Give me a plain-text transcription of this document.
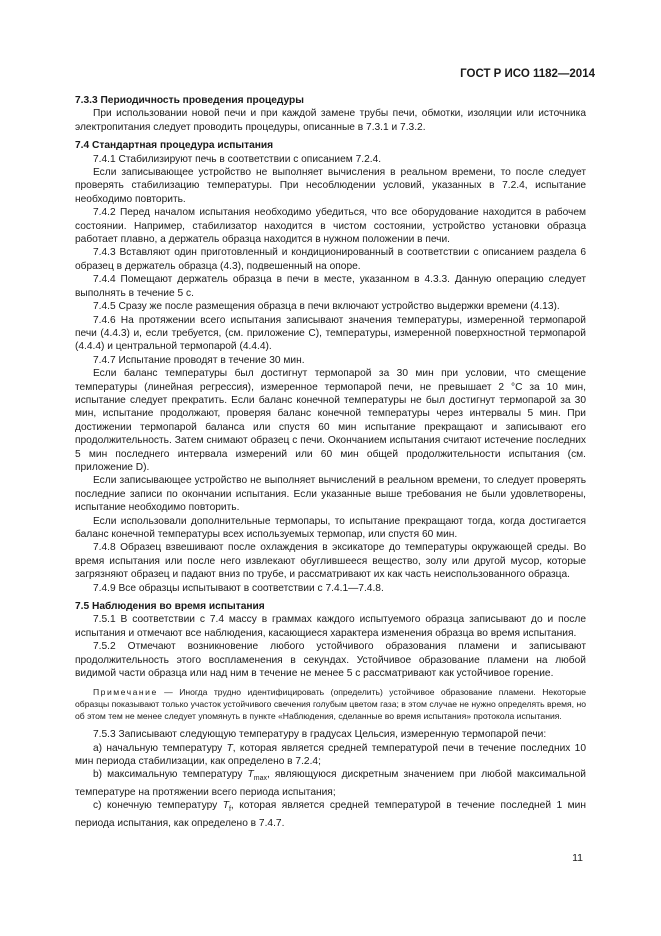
ГОСТ Р ИСО 1182—2014

7.3.3 Периодичность проведения процедуры

При использовании новой печи и при каждой замене трубы печи, обмотки, изоляции или источника электропитания следует проводить процедуры, описанные в 7.3.1 и 7.3.2.

7.4 Стандартная процедура испытания

7.4.1 Стабилизируют печь в соответствии с описанием 7.2.4.

Если записывающее устройство не выполняет вычисления в реальном времени, то после следует проверять стабилизацию температуры. При несоблюдении условий, указанных в 7.2.4, испытание необходимо повторить.

7.4.2 Перед началом испытания необходимо убедиться, что все оборудование находится в рабочем состоянии. Например, стабилизатор находится в чистом состоянии, устройство установки образца работает плавно, а держатель образца находится в нужном положении в печи.

7.4.3 Вставляют один приготовленный и кондиционированный в соответствии с описанием раздела 6 образец в держатель образца (4.3), подвешенный на опоре.

7.4.4 Помещают держатель образца в печи в месте, указанном в 4.3.3. Данную операцию следует выполнять в течение 5 с.

7.4.5 Сразу же после размещения образца в печи включают устройство выдержки времени (4.13).

7.4.6 На протяжении всего испытания записывают значения температуры, измеренной термопарой печи (4.4.3) и, если требуется, (см. приложение С), температуры, измеренной поверхностной термопарой (4.4.4) и центральной термопарой (4.4.4).

7.4.7 Испытание проводят в течение 30 мин.

Если баланс температуры был достигнут термопарой за 30 мин при условии, что смещение температуры (линейная регрессия), измеренное термопарой печи, не превышает 2 °С за 10 мин, испытание следует прекратить. Если баланс конечной температуры не был достигнут термопарой за 30 мин, испытание продолжают, проверяя баланс конечной температуры через интервалы 5 мин. При достижении термопарой баланса или спустя 60 мин испытание прекращают и записывают его продолжительность. Затем снимают образец с печи. Окончанием испытания считают истечение последних 5 мин последнего интервала измерений или 60 мин общей продолжительности испытания (см. приложение D).

Если записывающее устройство не выполняет вычислений в реальном времени, то следует проверять последние записи по окончании испытания. Если указанные выше требования не были удовлетворены, испытание необходимо повторить.

Если использовали дополнительные термопары, то испытание прекращают тогда, когда достигается баланс конечной температуры всех используемых термопар, или спустя 60 мин.

7.4.8 Образец взвешивают после охлаждения в эксикаторе до температуры окружающей среды. Во время испытания или после него извлекают обуглившееся вещество, золу или другой мусор, которые загрязняют образец и падают вниз по трубе, и рассматривают их как часть неиспользованного образца.

7.4.9 Все образцы испытывают в соответствии с 7.4.1—7.4.8.

7.5 Наблюдения во время испытания

7.5.1 В соответствии с 7.4 массу в граммах каждого испытуемого образца записывают до и после испытания и отмечают все наблюдения, касающиеся характера изменения образца во время испытания.

7.5.2 Отмечают возникновение любого устойчивого образования пламени и записывают продолжительность этого воспламенения в секундах. Устойчивое образование пламени на любой видимой части образца или над ним в течение не менее 5 с рассматривают как устойчивое горение.

Примечание — Иногда трудно идентифицировать (определить) устойчивое образование пламени. Некоторые образцы показывают только участок устойчивого свечения голубым цветом газа; в этом случае не нужно определять время, но об этом тем не менее следует упомянуть в пункте «Наблюдения, сделанные во время испытания» протокола испытания.

7.5.3 Записывают следующую температуру в градусах Цельсия, измеренную термопарой печи:

а) начальную температуру T, которая является средней температурой печи в течение последних 10 мин периода стабилизации, как определено в 7.2.4;

b) максимальную температуру $T_{max}$, являющуюся дискретным значением при любой максимальной температуре на протяжении всего периода испытания;

с) конечную температуру $T_f$, которая является средней температурой в течение последней 1 мин периода испытания, как определено в 7.4.7.

11
